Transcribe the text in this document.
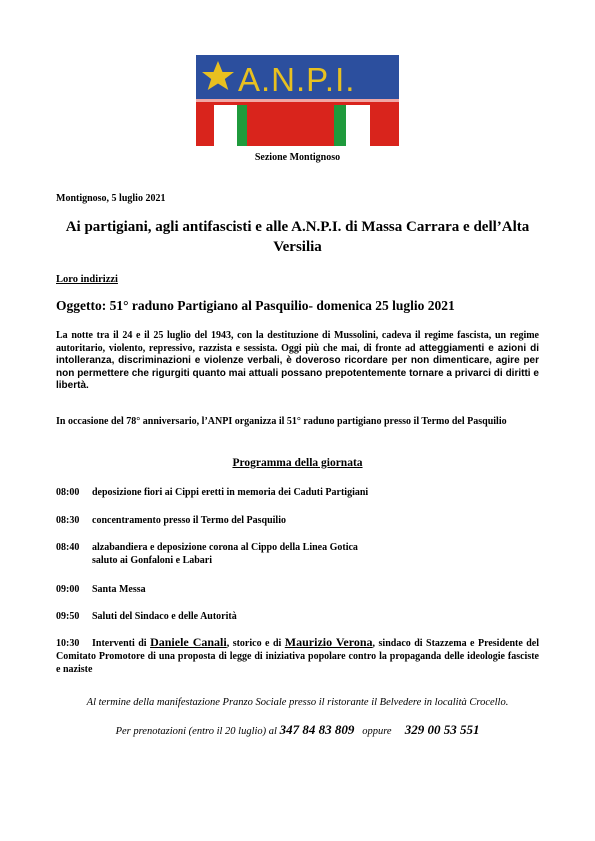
A.N.P.I.
Sezione Montignoso
Montignoso, 5 luglio 2021
Ai partigiani, agli antifascisti e alle A.N.P.I. di Massa Carrara e dell’Alta Versilia
Loro indirizzi
Oggetto: 51° raduno Partigiano al Pasquilio- domenica 25 luglio 2021
La notte tra il 24 e il 25 luglio del 1943, con la destituzione di Mussolini, cadeva il regime fascista, un regime autoritario, violento, repressivo, razzista e sessista. Oggi più che mai, di fronte ad atteggiamenti e azioni di intolleranza, discriminazioni e violenze verbali, è doveroso ricordare per non dimenticare, agire per non permettere che rigurgiti quanto mai attuali possano prepotentemente tornare a privarci di diritti e libertà.
In occasione del 78° anniversario, l’ANPI organizza il 51° raduno partigiano presso il Termo del Pasquilio
Programma della giornata
08:00 deposizione fiori ai Cippi eretti in memoria dei Caduti Partigiani
08:30 concentramento presso il Termo del Pasquilio
08:40 alzabandiera e deposizione corona al Cippo della Linea Gotica
saluto ai Gonfaloni e Labari
09:00 Santa Messa
09:50 Saluti del Sindaco e delle Autorità
10:30 Interventi di Daniele Canali, storico e di Maurizio Verona, sindaco di Stazzema e Presidente del Comitato Promotore di una proposta di legge di iniziativa popolare contro la propaganda delle ideologie fasciste e naziste
Al termine della manifestazione Pranzo Sociale presso il ristorante il Belvedere in località Crocello.
Per prenotazioni (entro il 20 luglio) al 347 84 83 809 oppure 329 00 53 551
